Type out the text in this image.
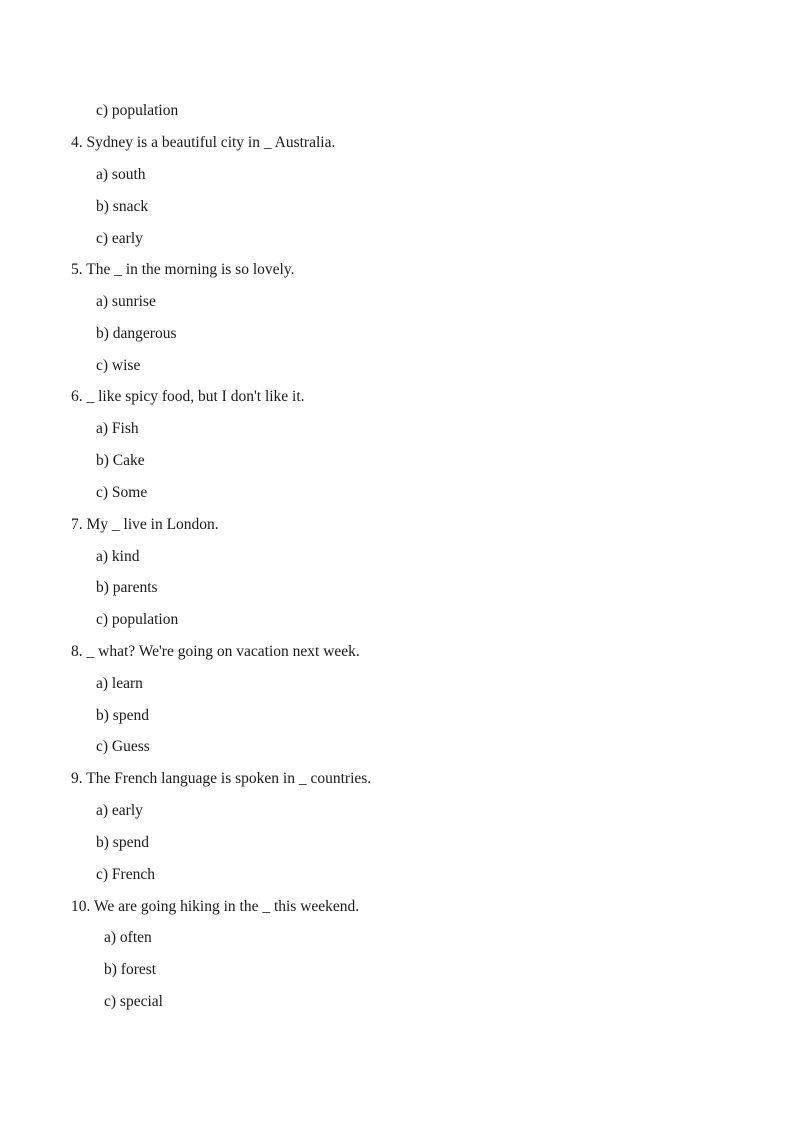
c) population
4. Sydney is a beautiful city in _ Australia.
a) south
b) snack
c) early
5. The _ in the morning is so lovely.
a) sunrise
b) dangerous
c) wise
6. _ like spicy food, but I don't like it.
a) Fish
b) Cake
c) Some
7. My _ live in London.
a) kind
b) parents
c) population
8. _ what? We're going on vacation next week.
a) learn
b) spend
c) Guess
9. The French language is spoken in _ countries.
a) early
b) spend
c) French
10. We are going hiking in the _ this weekend.
a) often
b) forest
c) special
